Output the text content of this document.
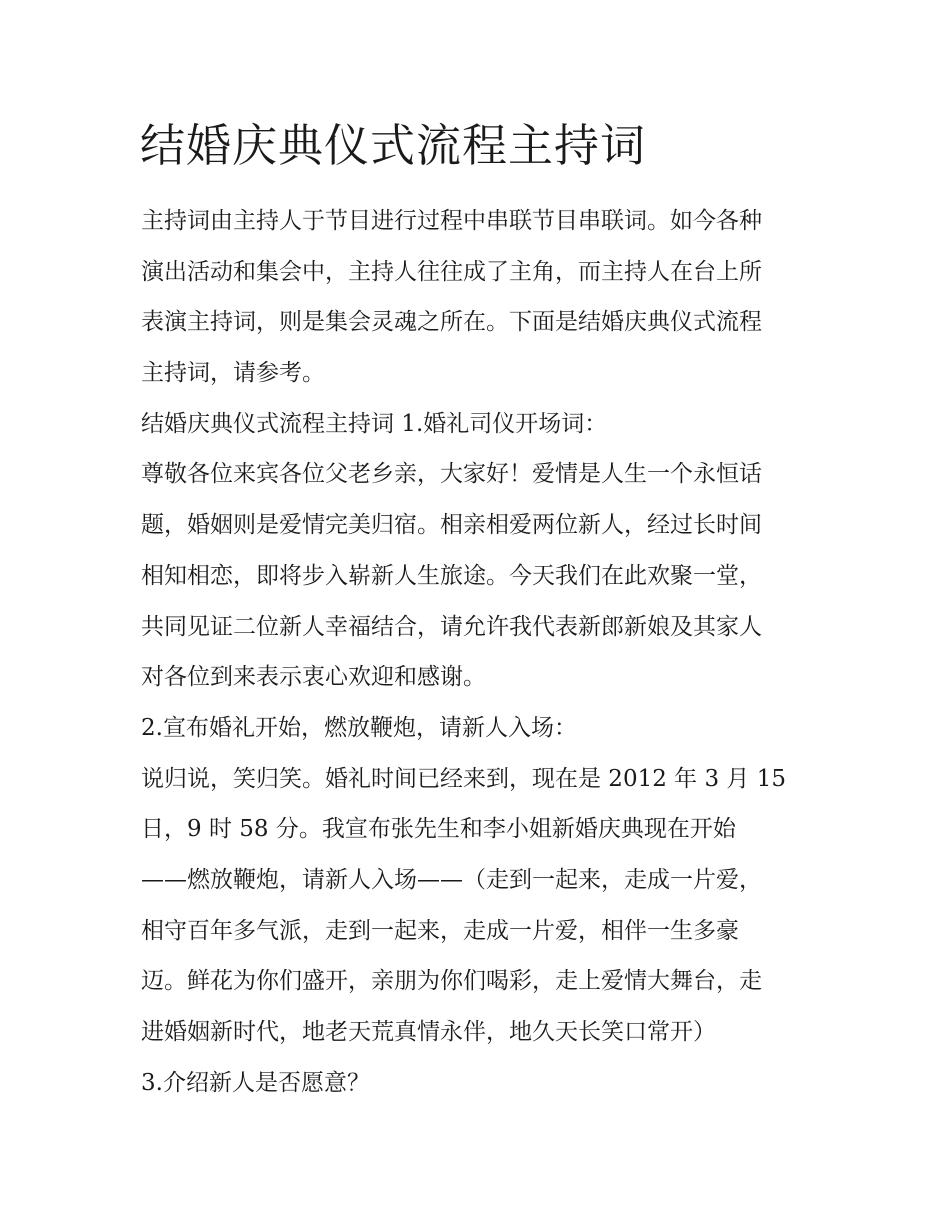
结婚庆典仪式流程主持词
主持词由主持人于节目进行过程中串联节目串联词。如今各种
演出活动和集会中，主持人往往成了主角，而主持人在台上所
表演主持词，则是集会灵魂之所在。下面是结婚庆典仪式流程
主持词，请参考。
结婚庆典仪式流程主持词 1.婚礼司仪开场词：
尊敬各位来宾各位父老乡亲，大家好！爱情是人生一个永恒话
题，婚姻则是爱情完美归宿。相亲相爱两位新人，经过长时间
相知相恋，即将步入崭新人生旅途。今天我们在此欢聚一堂，
共同见证二位新人幸福结合，请允许我代表新郎新娘及其家人
对各位到来表示衷心欢迎和感谢。
2.宣布婚礼开始，燃放鞭炮，请新人入场：
说归说，笑归笑。婚礼时间已经来到，现在是 2012 年 3 月 15
日，9 时 58 分。我宣布张先生和李小姐新婚庆典现在开始
——燃放鞭炮，请新人入场——（走到一起来，走成一片爱，
相守百年多气派，走到一起来，走成一片爱，相伴一生多豪
迈。鲜花为你们盛开，亲朋为你们喝彩，走上爱情大舞台，走
进婚姻新时代，地老天荒真情永伴，地久天长笑口常开）
3.介绍新人是否愿意？
